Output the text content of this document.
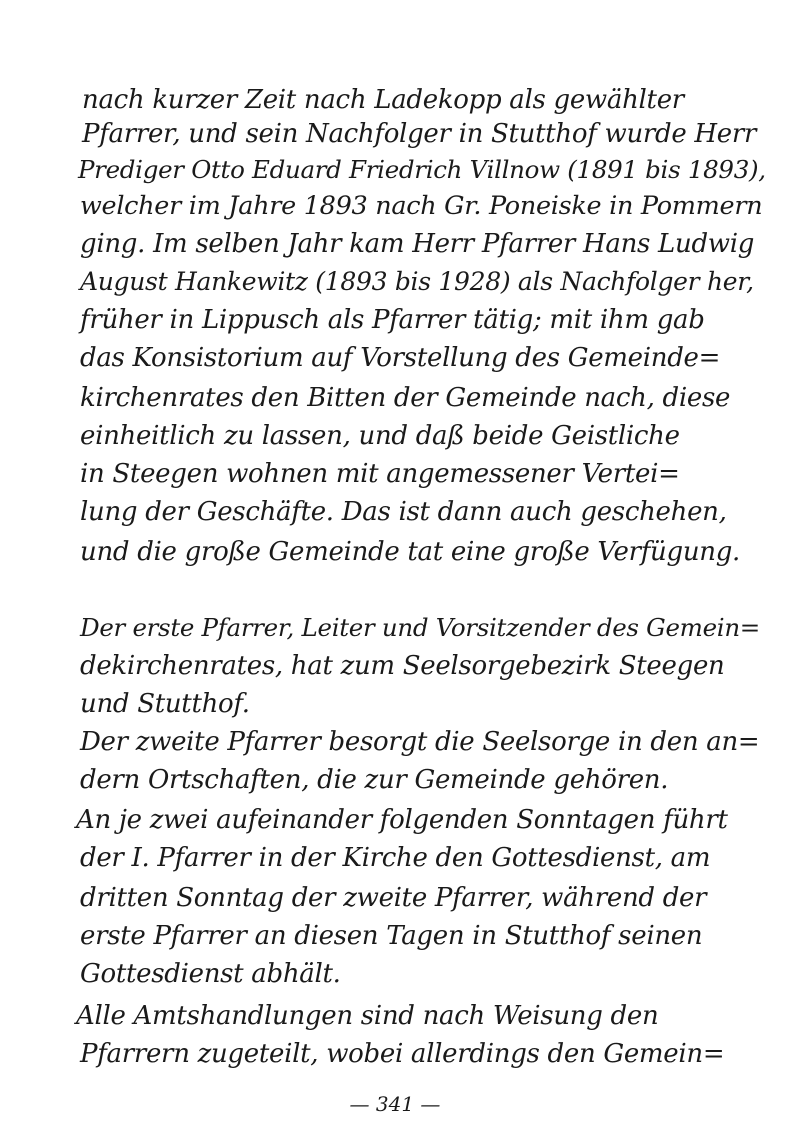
nach kurzer Zeit nach Ladekopp als gewählter
Pfarrer, und sein Nachfolger in Stutthof wurde Herr
Prediger Otto Eduard Friedrich Villnow (1891 bis 1893),
welcher im Jahre 1893 nach Gr. Poneiske in Pommern
ging. Im selben Jahr kam Herr Pfarrer Hans Ludwig
August Hankewitz (1893 bis 1928) als Nachfolger her,
früher in Lippusch als Pfarrer tätig; mit ihm gab
das Konsistorium auf Vorstellung des Gemeinde=
kirchenrates den Bitten der Gemeinde nach, diese
einheitlich zu lassen, und daß beide Geistliche
in Steegen wohnen mit angemessener Vertei=
lung der Geschäfte. Das ist dann auch geschehen,
und die große Gemeinde tat eine große Verfügung.
Der erste Pfarrer, Leiter und Vorsitzender des Gemein=
dekirchenrates, hat zum Seelsorgebezirk Steegen
und Stutthof.
Der zweite Pfarrer besorgt die Seelsorge in den an=
dern Ortschaften, die zur Gemeinde gehören.
An je zwei aufeinander folgenden Sonntagen führt
der I. Pfarrer in der Kirche den Gottesdienst, am
dritten Sonntag der zweite Pfarrer, während der
erste Pfarrer an diesen Tagen in Stutthof seinen
Gottesdienst abhält.
Alle Amtshandlungen sind nach Weisung den
Pfarrern zugeteilt, wobei allerdings den Gemein=
— 341 —
